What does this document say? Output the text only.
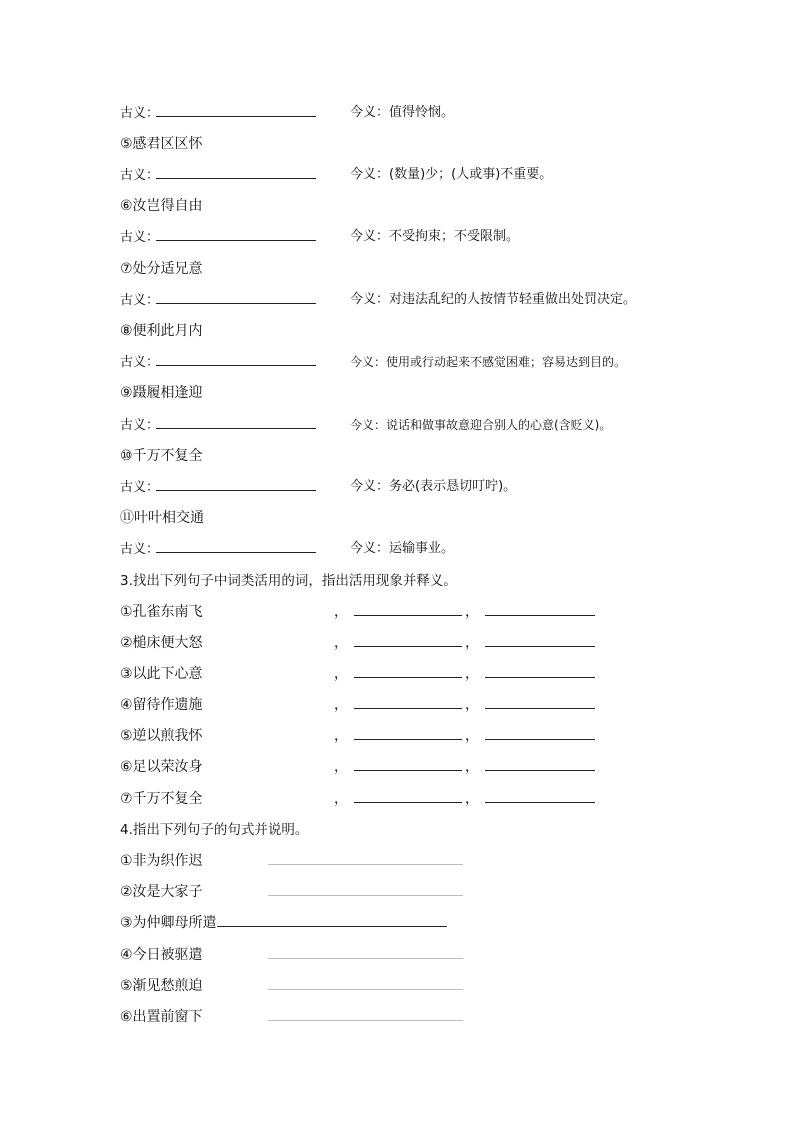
古义：	今义：值得怜悯。
⑤感君区区怀
古义：	今义：(数量)少；(人或事)不重要。
⑥汝岂得自由
古义：	今义：不受拘束；不受限制。
⑦处分适兄意
古义：	今义：对违法乱纪的人按情节轻重做出处罚决定。
⑧便利此月内
古义：	今义：使用或行动起来不感觉困难；容易达到目的。
⑨蹑履相逢迎
古义：	今义：说话和做事故意迎合别人的心意(含贬义)。
⑩千万不复全
古义：	今义：务必(表示恳切叮咛)。
⑪叶叶相交通
古义：	今义：运输事业。
3.找出下列句子中词类活用的词，指出活用现象并释义。
①孔雀东南飞	，	，
②槌床便大怒	，	，
③以此下心意	，	，
④留待作遗施	，	，
⑤逆以煎我怀	，	，
⑥足以荣汝身	，	，
⑦千万不复全	，	，
4.指出下列句子的句式并说明。
①非为织作迟
②汝是大家子
③为仲卿母所遣
④今日被驱遣
⑤渐见愁煎迫
⑥出置前窗下
